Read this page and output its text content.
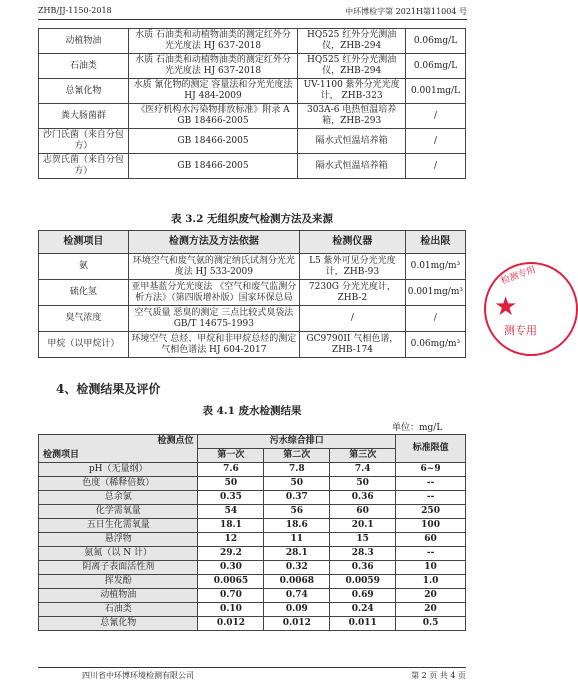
ZHB/JJ-1150-2018	中环博检字第 2021H第11004 号
动植物油	水质 石油类和动植物油类的测定红外分光光度法 HJ 637-2018	HQ525 红外分光测油仪，ZHB-294	0.06mg/L
石油类	水质 石油类和动植物油类的测定红外分光光度法 HJ 637-2018	HQ525 红外分光测油仪，ZHB-294	0.06mg/L
总氰化物	水质 氰化物的测定 容量法和分光光度法 HJ 484-2009	UV-1100 紫外分光光度计， ZHB-323	0.001mg/L
粪大肠菌群	《医疗机构水污染物排放标准》附录 A GB 18466-2005	303A-6 电热恒温培养箱，ZHB-293	/
沙门氏菌（来自分包方）	GB 18466-2005	隔水式恒温培养箱	/
志贺氏菌（来自分包方）	GB 18466-2005	隔水式恒温培养箱	/
表 3.2 无组织废气检测方法及来源
检测项目	检测方法及方法依据	检测仪器	检出限
氨	环境空气和废气氨的测定纳氏试剂分光光度法 HJ 533-2009	L5 紫外可见分光光度计，ZHB-93	0.01mg/m³
硫化氢	亚甲基蓝分光光度法 《空气和废气监测分析方法》（第四版增补版）国家环保总局	7230G 分光光度计，ZHB-2	0.001mg/m³
臭气浓度	空气质量 恶臭的测定 三点比较式臭袋法 GB/T 14675-1993	/	/
甲烷（以甲烷计）	环境空气 总烃、甲烷和非甲烷总烃的测定 气相色谱法 HJ 604-2017	GC9790II 气相色谱，ZHB-174	0.06mg/m³
4、检测结果及评价
表 4.1 废水检测结果
单位：mg/L
检测点位
检测项目	污水综合排口			标准限值
	第一次	第二次	第三次	
pH（无量纲）	7.6	7.8	7.4	6~9
色度（稀释倍数）	50	50	50	--
总余氯	0.35	0.37	0.36	--
化学需氧量	54	56	60	250
五日生化需氧量	18.1	18.6	20.1	100
悬浮物	12	11	15	60
氨氮（以 N 计）	29.2	28.1	28.3	--
阴离子表面活性剂	0.30	0.32	0.36	10
挥发酚	0.0065	0.0068	0.0059	1.0
动植物油	0.70	0.74	0.69	20
石油类	0.10	0.09	0.24	20
总氰化物	0.012	0.012	0.011	0.5
四川省中环博环境检测有限公司	第 2 页 共 4 页
检测专用
★
测专用
